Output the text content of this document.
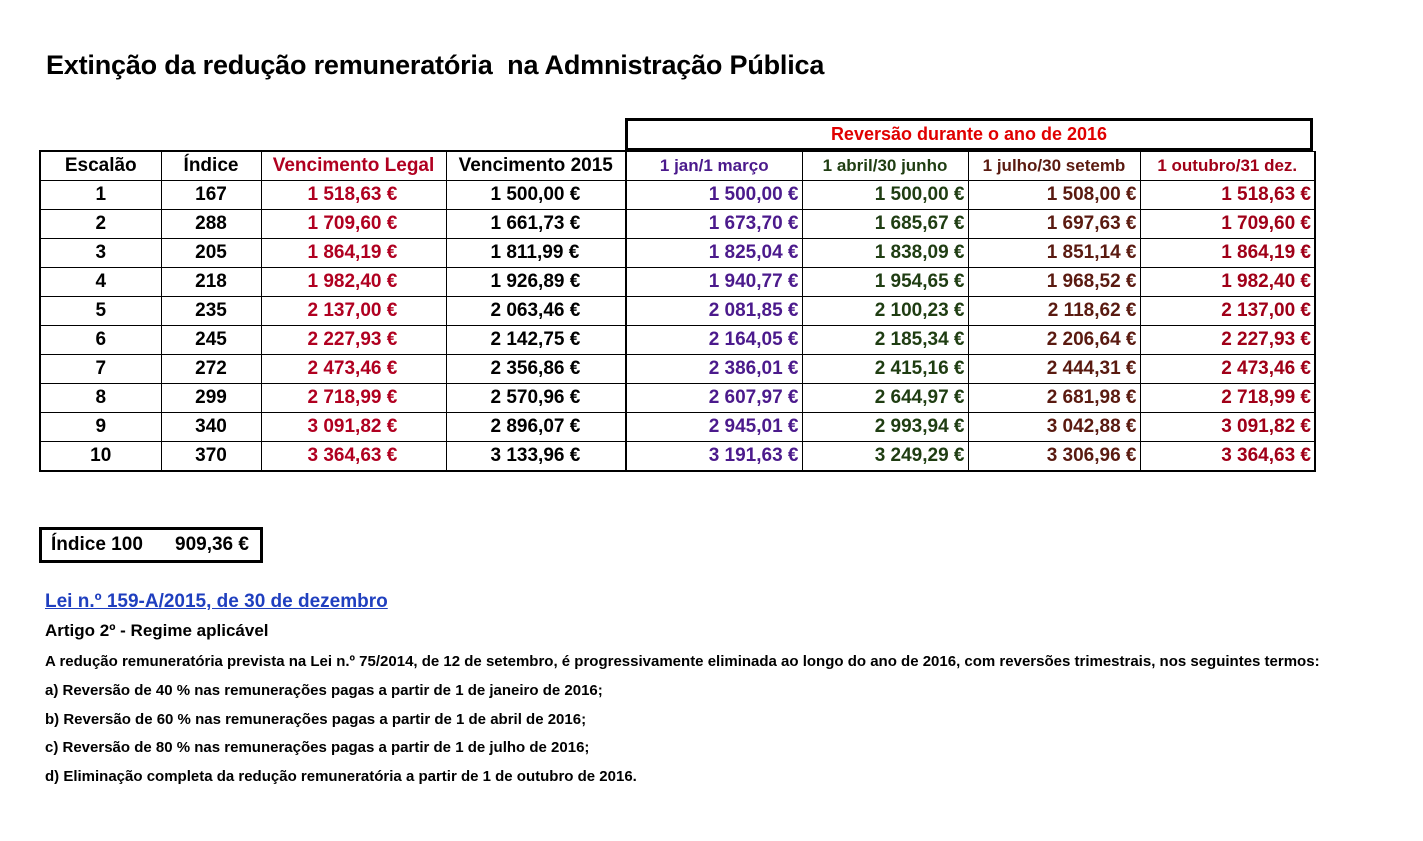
Extinção da redução remuneratória  na Admnistração Pública
Reversão durante o ano de 2016
Escalão	Índice	Vencimento Legal	Vencimento 2015	1 jan/1 março	1 abril/30 junho	1 julho/30 setemb	1 outubro/31 dez.
1	167	1 518,63 €	1 500,00 €	1 500,00 €	1 500,00 €	1 508,00 €	1 518,63 €
2	288	1 709,60 €	1 661,73 €	1 673,70 €	1 685,67 €	1 697,63 €	1 709,60 €
3	205	1 864,19 €	1 811,99 €	1 825,04 €	1 838,09 €	1 851,14 €	1 864,19 €
4	218	1 982,40 €	1 926,89 €	1 940,77 €	1 954,65 €	1 968,52 €	1 982,40 €
5	235	2 137,00 €	2 063,46 €	2 081,85 €	2 100,23 €	2 118,62 €	2 137,00 €
6	245	2 227,93 €	2 142,75 €	2 164,05 €	2 185,34 €	2 206,64 €	2 227,93 €
7	272	2 473,46 €	2 356,86 €	2 386,01 €	2 415,16 €	2 444,31 €	2 473,46 €
8	299	2 718,99 €	2 570,96 €	2 607,97 €	2 644,97 €	2 681,98 €	2 718,99 €
9	340	3 091,82 €	2 896,07 €	2 945,01 €	2 993,94 €	3 042,88 €	3 091,82 €
10	370	3 364,63 €	3 133,96 €	3 191,63 €	3 249,29 €	3 306,96 €	3 364,63 €
Índice 100 909,36 €
Lei n.º 159-A/2015, de 30 de dezembro
Artigo 2º - Regime aplicável
A redução remuneratória prevista na Lei n.º 75/2014, de 12 de setembro, é progressivamente eliminada ao longo do ano de 2016, com reversões trimestrais, nos seguintes termos:
a) Reversão de 40 % nas remunerações pagas a partir de 1 de janeiro de 2016;
b) Reversão de 60 % nas remunerações pagas a partir de 1 de abril de 2016;
c) Reversão de 80 % nas remunerações pagas a partir de 1 de julho de 2016;
d) Eliminação completa da redução remuneratória a partir de 1 de outubro de 2016.
